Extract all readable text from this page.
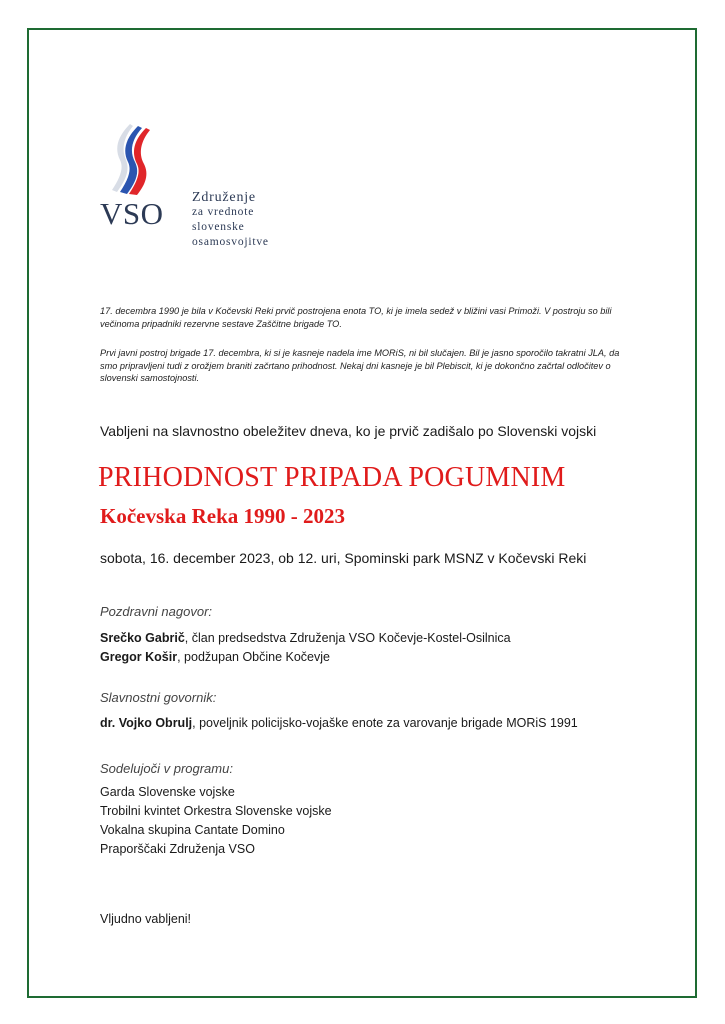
VSO Združenje
za vrednote
slovenske
osamosvojitve
17. decembra 1990 je bila v Kočevski Reki prvič postrojena enota TO, ki je imela sedež v bližini vasi Primoži. V postroju so bili večinoma pripadniki rezervne sestave Zaščitne brigade TO.
Prvi javni postroj brigade 17. decembra, ki si je kasneje nadela ime MORiS, ni bil slučajen. Bil je jasno sporočilo takratni JLA, da smo pripravljeni tudi z orožjem braniti začrtano prihodnost. Nekaj dni kasneje je bil Plebiscit, ki je dokončno začrtal odločitev o slovenski samostojnosti.
Vabljeni na slavnostno obeležitev dneva, ko je prvič zadišalo po Slovenski vojski
PRIHODNOST PRIPADA POGUMNIM
Kočevska Reka 1990 - 2023
sobota, 16. december 2023, ob 12. uri, Spominski park MSNZ v Kočevski Reki
Pozdravni nagovor:
Srečko Gabrič, član predsedstva Združenja VSO Kočevje-Kostel-Osilnica
Gregor Košir, podžupan Občine Kočevje
Slavnostni govornik:
dr. Vojko Obrulj, poveljnik policijsko-vojaške enote za varovanje brigade MORiS 1991
Sodelujoči v programu:
Garda Slovenske vojske
Trobilni kvintet Orkestra Slovenske vojske
Vokalna skupina Cantate Domino
Praporščaki Združenja VSO
Vljudno vabljeni!
